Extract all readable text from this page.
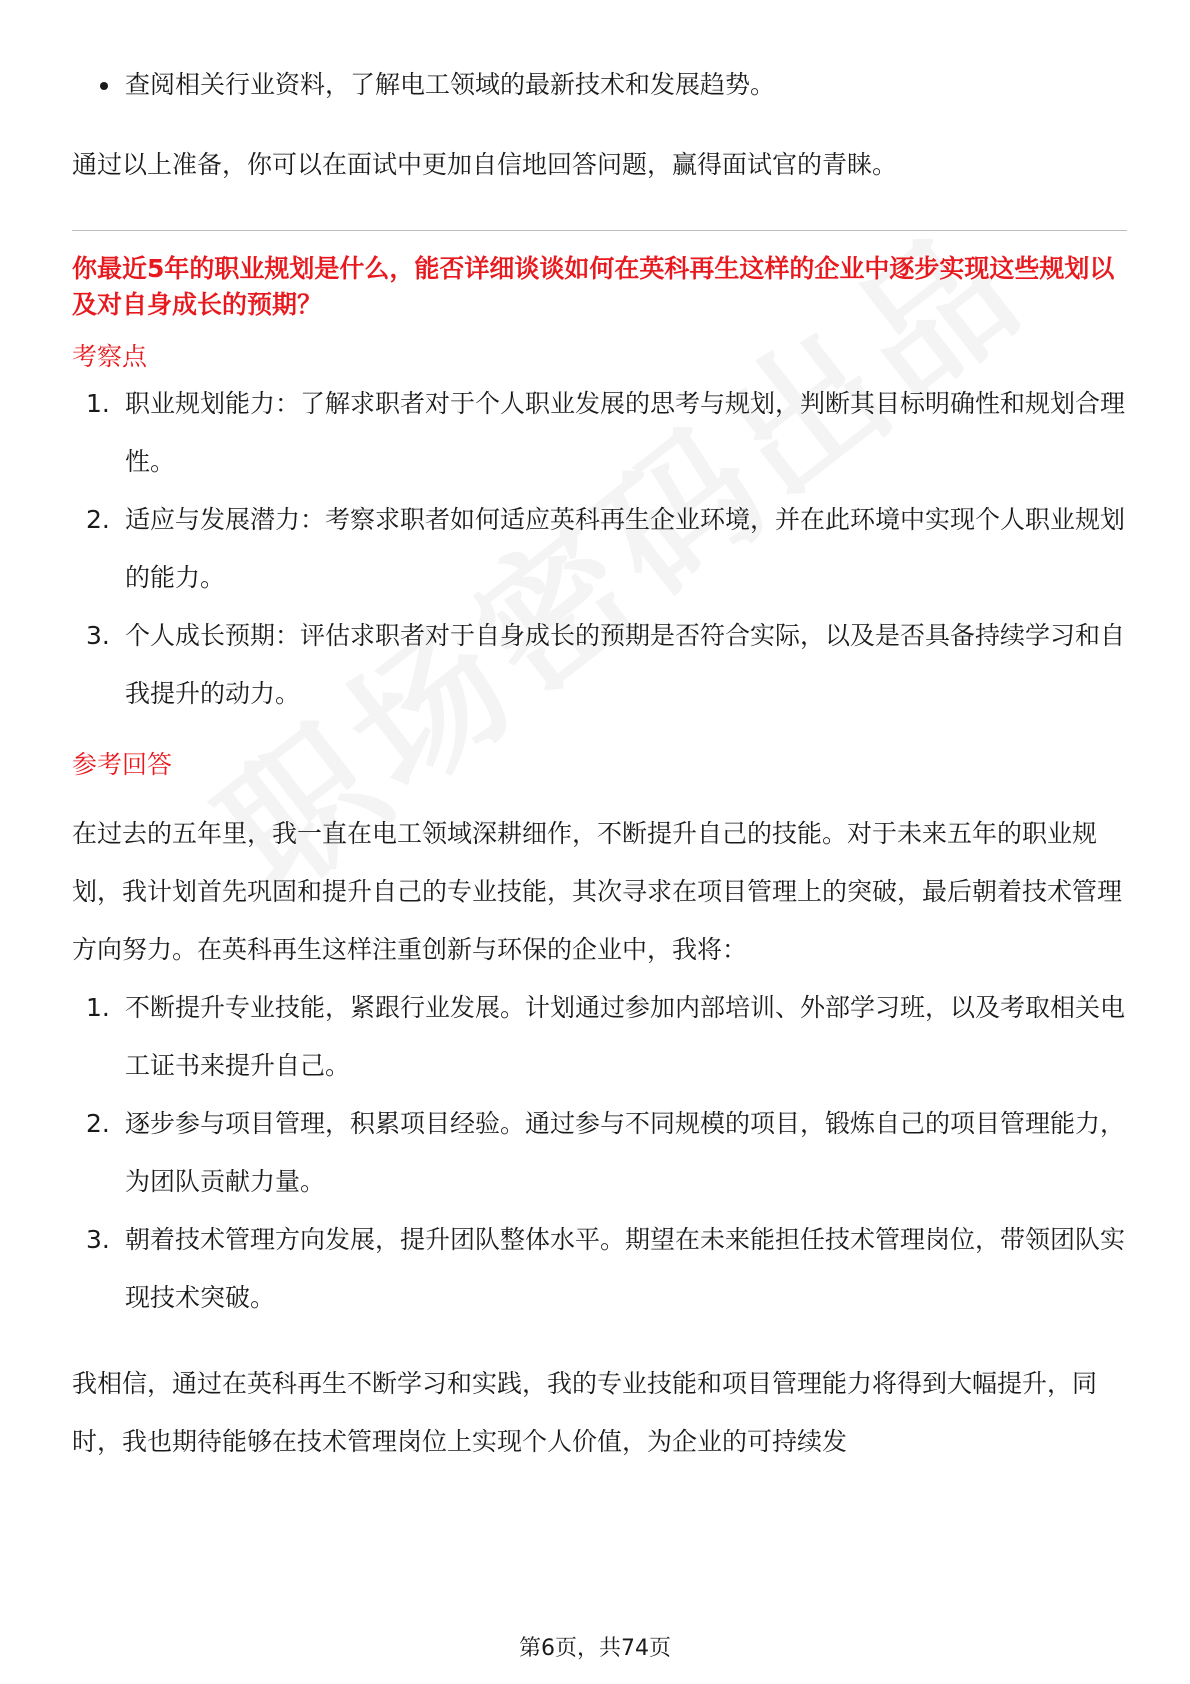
查阅相关行业资料，了解电工领域的最新技术和发展趋势。

通过以上准备，你可以在面试中更加自信地回答问题，赢得面试官的青睐。

你最近5年的职业规划是什么，能否详细谈谈如何在英科再生这样的企业中逐步实现这些规划以及对自身成长的预期？

考察点

1. 职业规划能力：了解求职者对于个人职业发展的思考与规划，判断其目标明确性和规划合理性。
2. 适应与发展潜力：考察求职者如何适应英科再生企业环境，并在此环境中实现个人职业规划的能力。
3. 个人成长预期：评估求职者对于自身成长的预期是否符合实际，以及是否具备持续学习和自我提升的动力。

参考回答

在过去的五年里，我一直在电工领域深耕细作，不断提升自己的技能。对于未来五年的职业规划，我计划首先巩固和提升自己的专业技能，其次寻求在项目管理上的突破，最后朝着技术管理方向努力。在英科再生这样注重创新与环保的企业中，我将：

1. 不断提升专业技能，紧跟行业发展。计划通过参加内部培训、外部学习班，以及考取相关电工证书来提升自己。
2. 逐步参与项目管理，积累项目经验。通过参与不同规模的项目，锻炼自己的项目管理能力，为团队贡献力量。
3. 朝着技术管理方向发展，提升团队整体水平。期望在未来能担任技术管理岗位，带领团队实现技术突破。

我相信，通过在英科再生不断学习和实践，我的专业技能和项目管理能力将得到大幅提升，同时，我也期待能够在技术管理岗位上实现个人价值，为企业的可持续发

第6页，共74页
